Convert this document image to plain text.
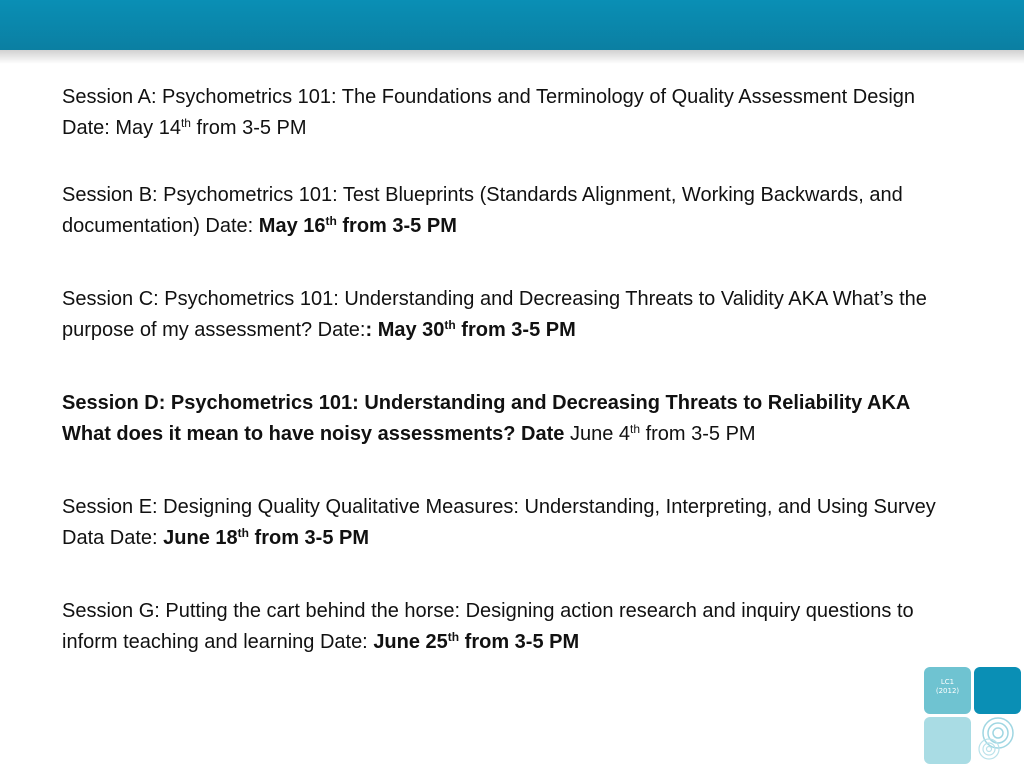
Session A: Psychometrics 101: The Foundations and Terminology of Quality Assessment Design Date: May 14th from 3-5 PM

Session B: Psychometrics 101: Test Blueprints (Standards Alignment, Working Backwards, and documentation) Date: May 16th from 3-5 PM

Session C: Psychometrics 101: Understanding and Decreasing Threats to Validity AKA What’s the purpose of my assessment? Date:: May 30th from 3-5 PM

Session D: Psychometrics 101: Understanding and Decreasing Threats to Reliability AKA What does it mean to have noisy assessments? Date June 4th from 3-5 PM

Session E: Designing Quality Qualitative Measures: Understanding, Interpreting, and Using Survey Data Date: June 18th from 3-5 PM

Session G: Putting the cart behind the horse: Designing action research and inquiry questions to inform teaching and learning Date: June 25th from 3-5 PM

LC1
(2012)
